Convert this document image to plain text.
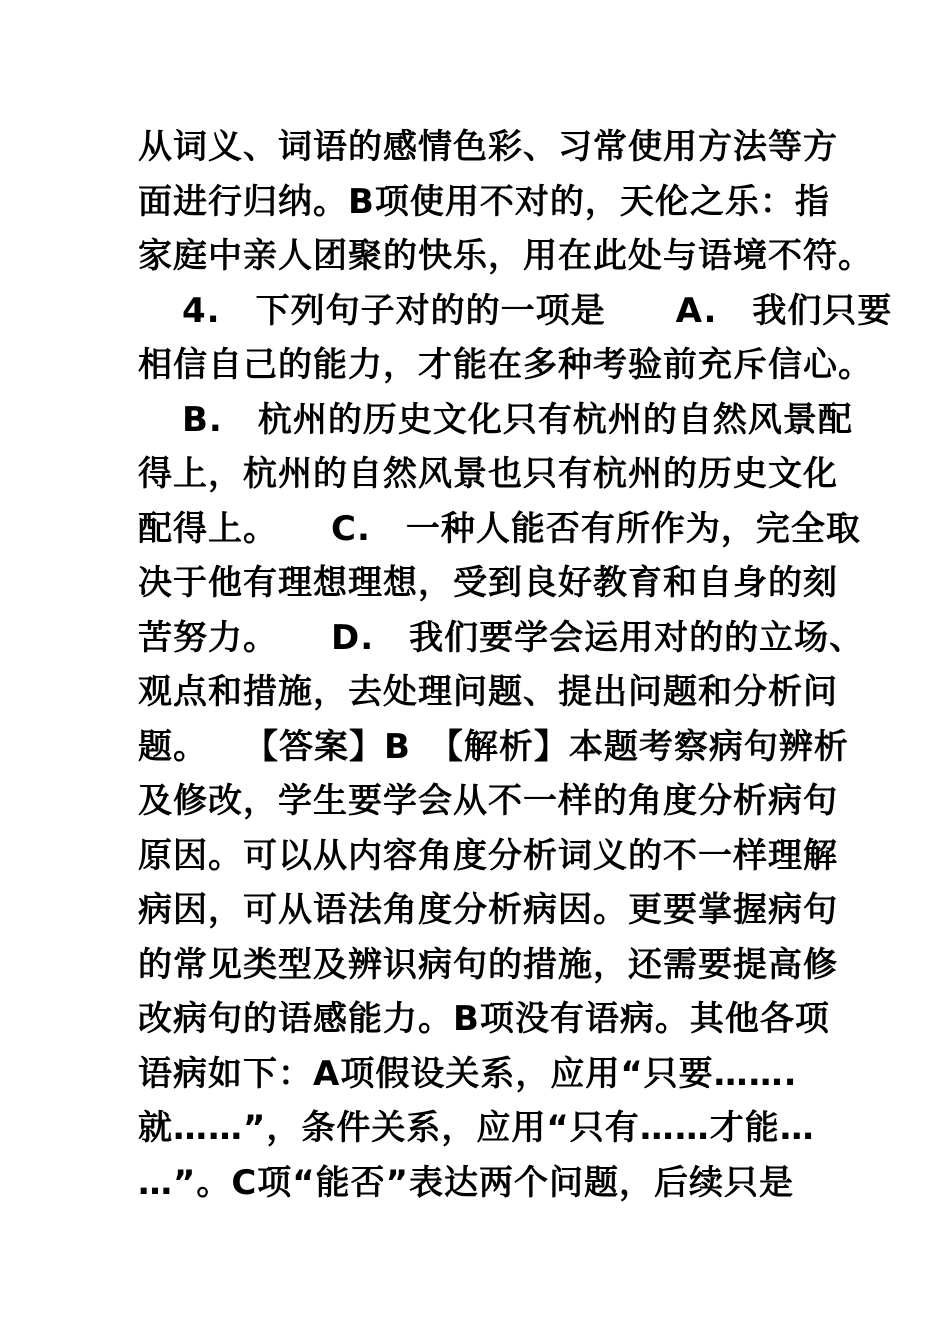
从词义、词语的感情色彩、习常使用方法等方
面进行归纳。B项使用不对的，天伦之乐：指
家庭中亲人团聚的快乐，用在此处与语境不符。
4.　下列句子对的的一项是　　A.　我们只要
相信自己的能力，才能在多种考验前充斥信心。
B.　杭州的历史文化只有杭州的自然风景配
得上，杭州的自然风景也只有杭州的历史文化
配得上。　　C.　一种人能否有所作为，完全取
决于他有理想理想，受到良好教育和自身的刻
苦努力。　　D.　我们要学会运用对的的立场、
观点和措施，去处理问题、提出问题和分析问
题。　　【答案】B　【解析】本题考察病句辨析
及修改，学生要学会从不一样的角度分析病句
原因。可以从内容角度分析词义的不一样理解
病因，可从语法角度分析病因。更要掌握病句
的常见类型及辨识病句的措施，还需要提高修
改病句的语感能力。B项没有语病。其他各项
语病如下：A项假设关系，应用“只要…….
就……”，条件关系，应用“只有……才能…
…”。C项“能否”表达两个问题，后续只是
